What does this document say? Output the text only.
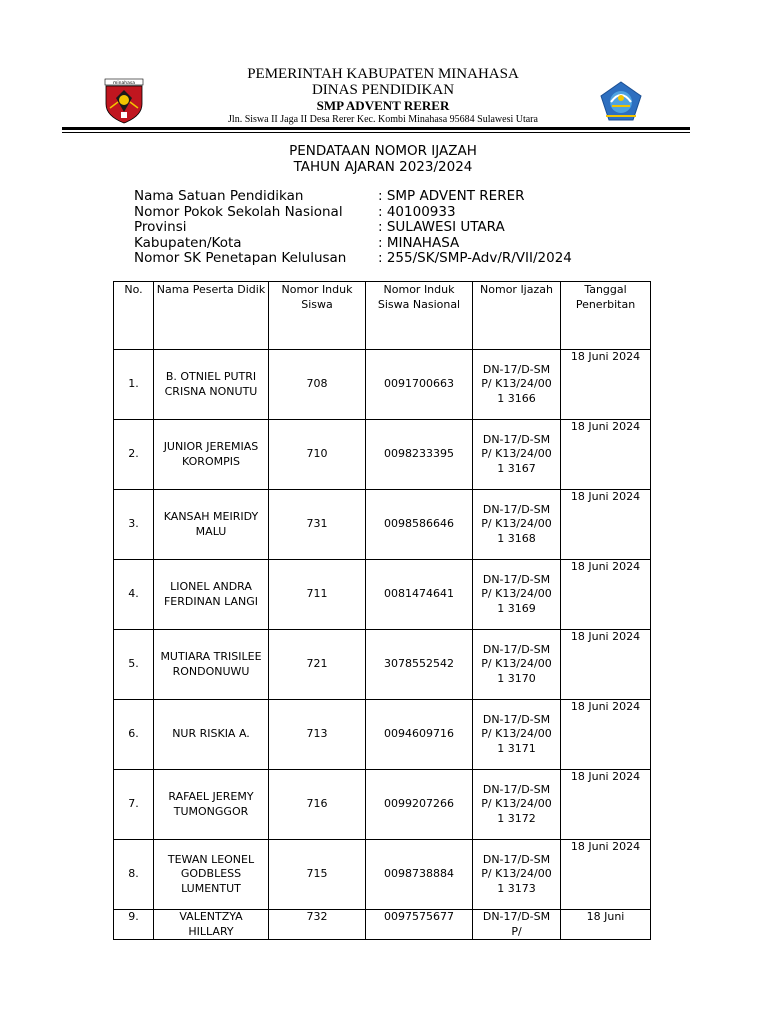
minahasa
PEMERINTAH KABUPATEN MINAHASA
DINAS PENDIDIKAN
SMP ADVENT RERER
Jln. Siswa II Jaga II Desa Rerer Kec. Kombi Minahasa 95684 Sulawesi Utara
PENDATAAN NOMOR IJAZAH
TAHUN AJARAN 2023/2024
Nama Satuan Pendidikan	: SMP ADVENT RERER
Nomor Pokok Sekolah Nasional	: 40100933
Provinsi	: SULAWESI UTARA
Kabupaten/Kota	: MINAHASA
Nomor SK Penetapan Kelulusan	: 255/SK/SMP-Adv/R/VII/2024
No.	Nama Peserta Didik	Nomor Induk Siswa	Nomor Induk Siswa Nasional	Nomor Ijazah	Tanggal Penerbitan
1.	B. OTNIEL PUTRI CRISNA NONUTU	708	0091700663	DN-17/D-SMP/ K13/24/001 3166	18 Juni 2024
2.	JUNIOR JEREMIAS KOROMPIS	710	0098233395	DN-17/D-SMP/ K13/24/001 3167	18 Juni 2024
3.	KANSAH MEIRIDY MALU	731	0098586646	DN-17/D-SMP/ K13/24/001 3168	18 Juni 2024
4.	LIONEL ANDRA FERDINAN LANGI	711	0081474641	DN-17/D-SMP/ K13/24/001 3169	18 Juni 2024
5.	MUTIARA TRISILEE RONDONUWU	721	3078552542	DN-17/D-SMP/ K13/24/001 3170	18 Juni 2024
6.	NUR RISKIA A.	713	0094609716	DN-17/D-SMP/ K13/24/001 3171	18 Juni 2024
7.	RAFAEL JEREMY TUMONGGOR	716	0099207266	DN-17/D-SMP/ K13/24/001 3172	18 Juni 2024
8.	TEWAN LEONEL GODBLESS LUMENTUT	715	0098738884	DN-17/D-SMP/ K13/24/001 3173	18 Juni 2024
9.	VALENTZYA HILLARY	732	0097575677	DN-17/D-SMP/	18 Juni
